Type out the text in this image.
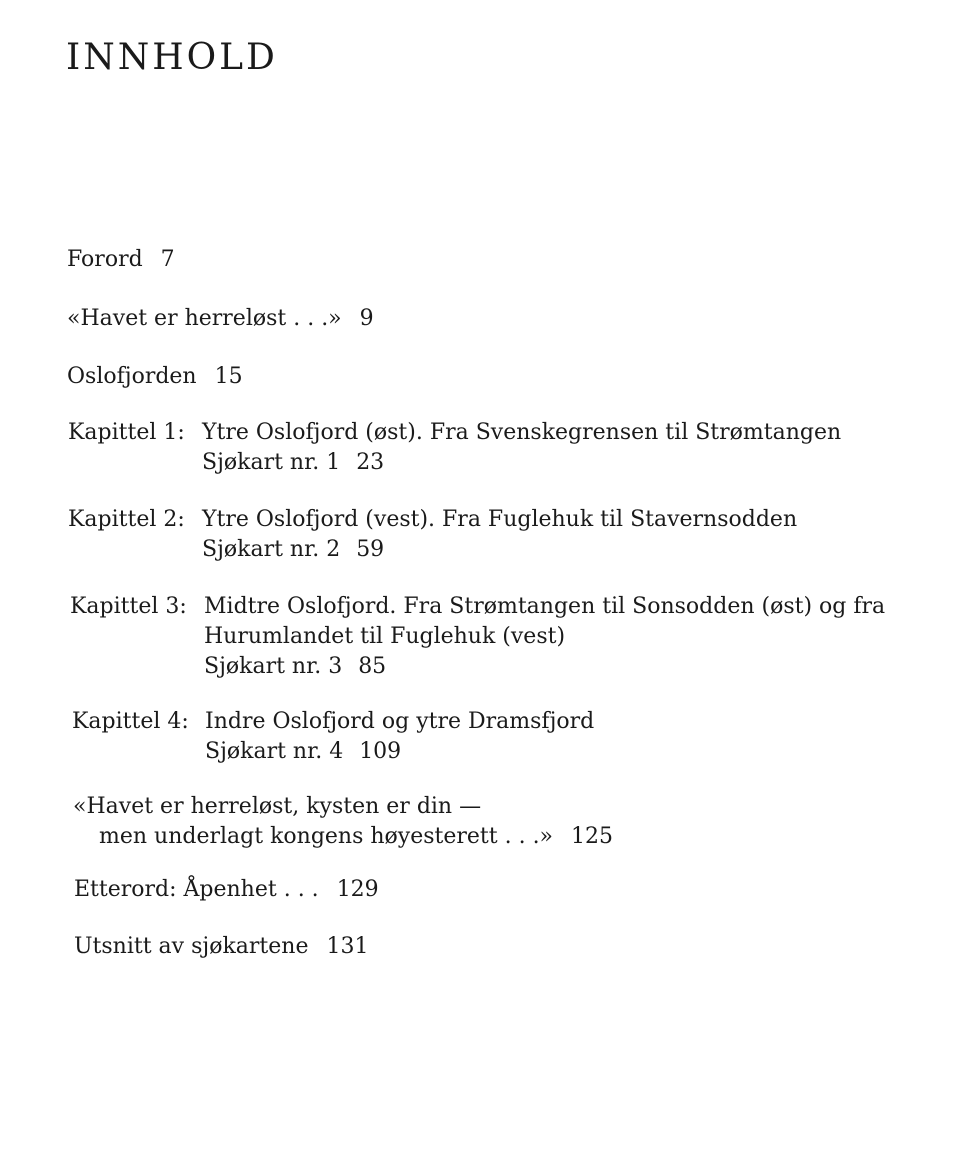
INNHOLD
Forord 7
«Havet er herreløst . . .» 9
Oslofjorden 15
Kapittel 1: Ytre Oslofjord (øst). Fra Svenskegrensen til Strømtangen
Sjøkart nr. 1 23
Kapittel 2: Ytre Oslofjord (vest). Fra Fuglehuk til Stavernsodden
Sjøkart nr. 2 59
Kapittel 3: Midtre Oslofjord. Fra Strømtangen til Sonsodden (øst) og fra
Hurumlandet til Fuglehuk (vest)
Sjøkart nr. 3 85
Kapittel 4: Indre Oslofjord og ytre Dramsfjord
Sjøkart nr. 4 109
«Havet er herreløst, kysten er din —
men underlagt kongens høyesterett . . .» 125
Etterord: Åpenhet . . . 129
Utsnitt av sjøkartene 131
